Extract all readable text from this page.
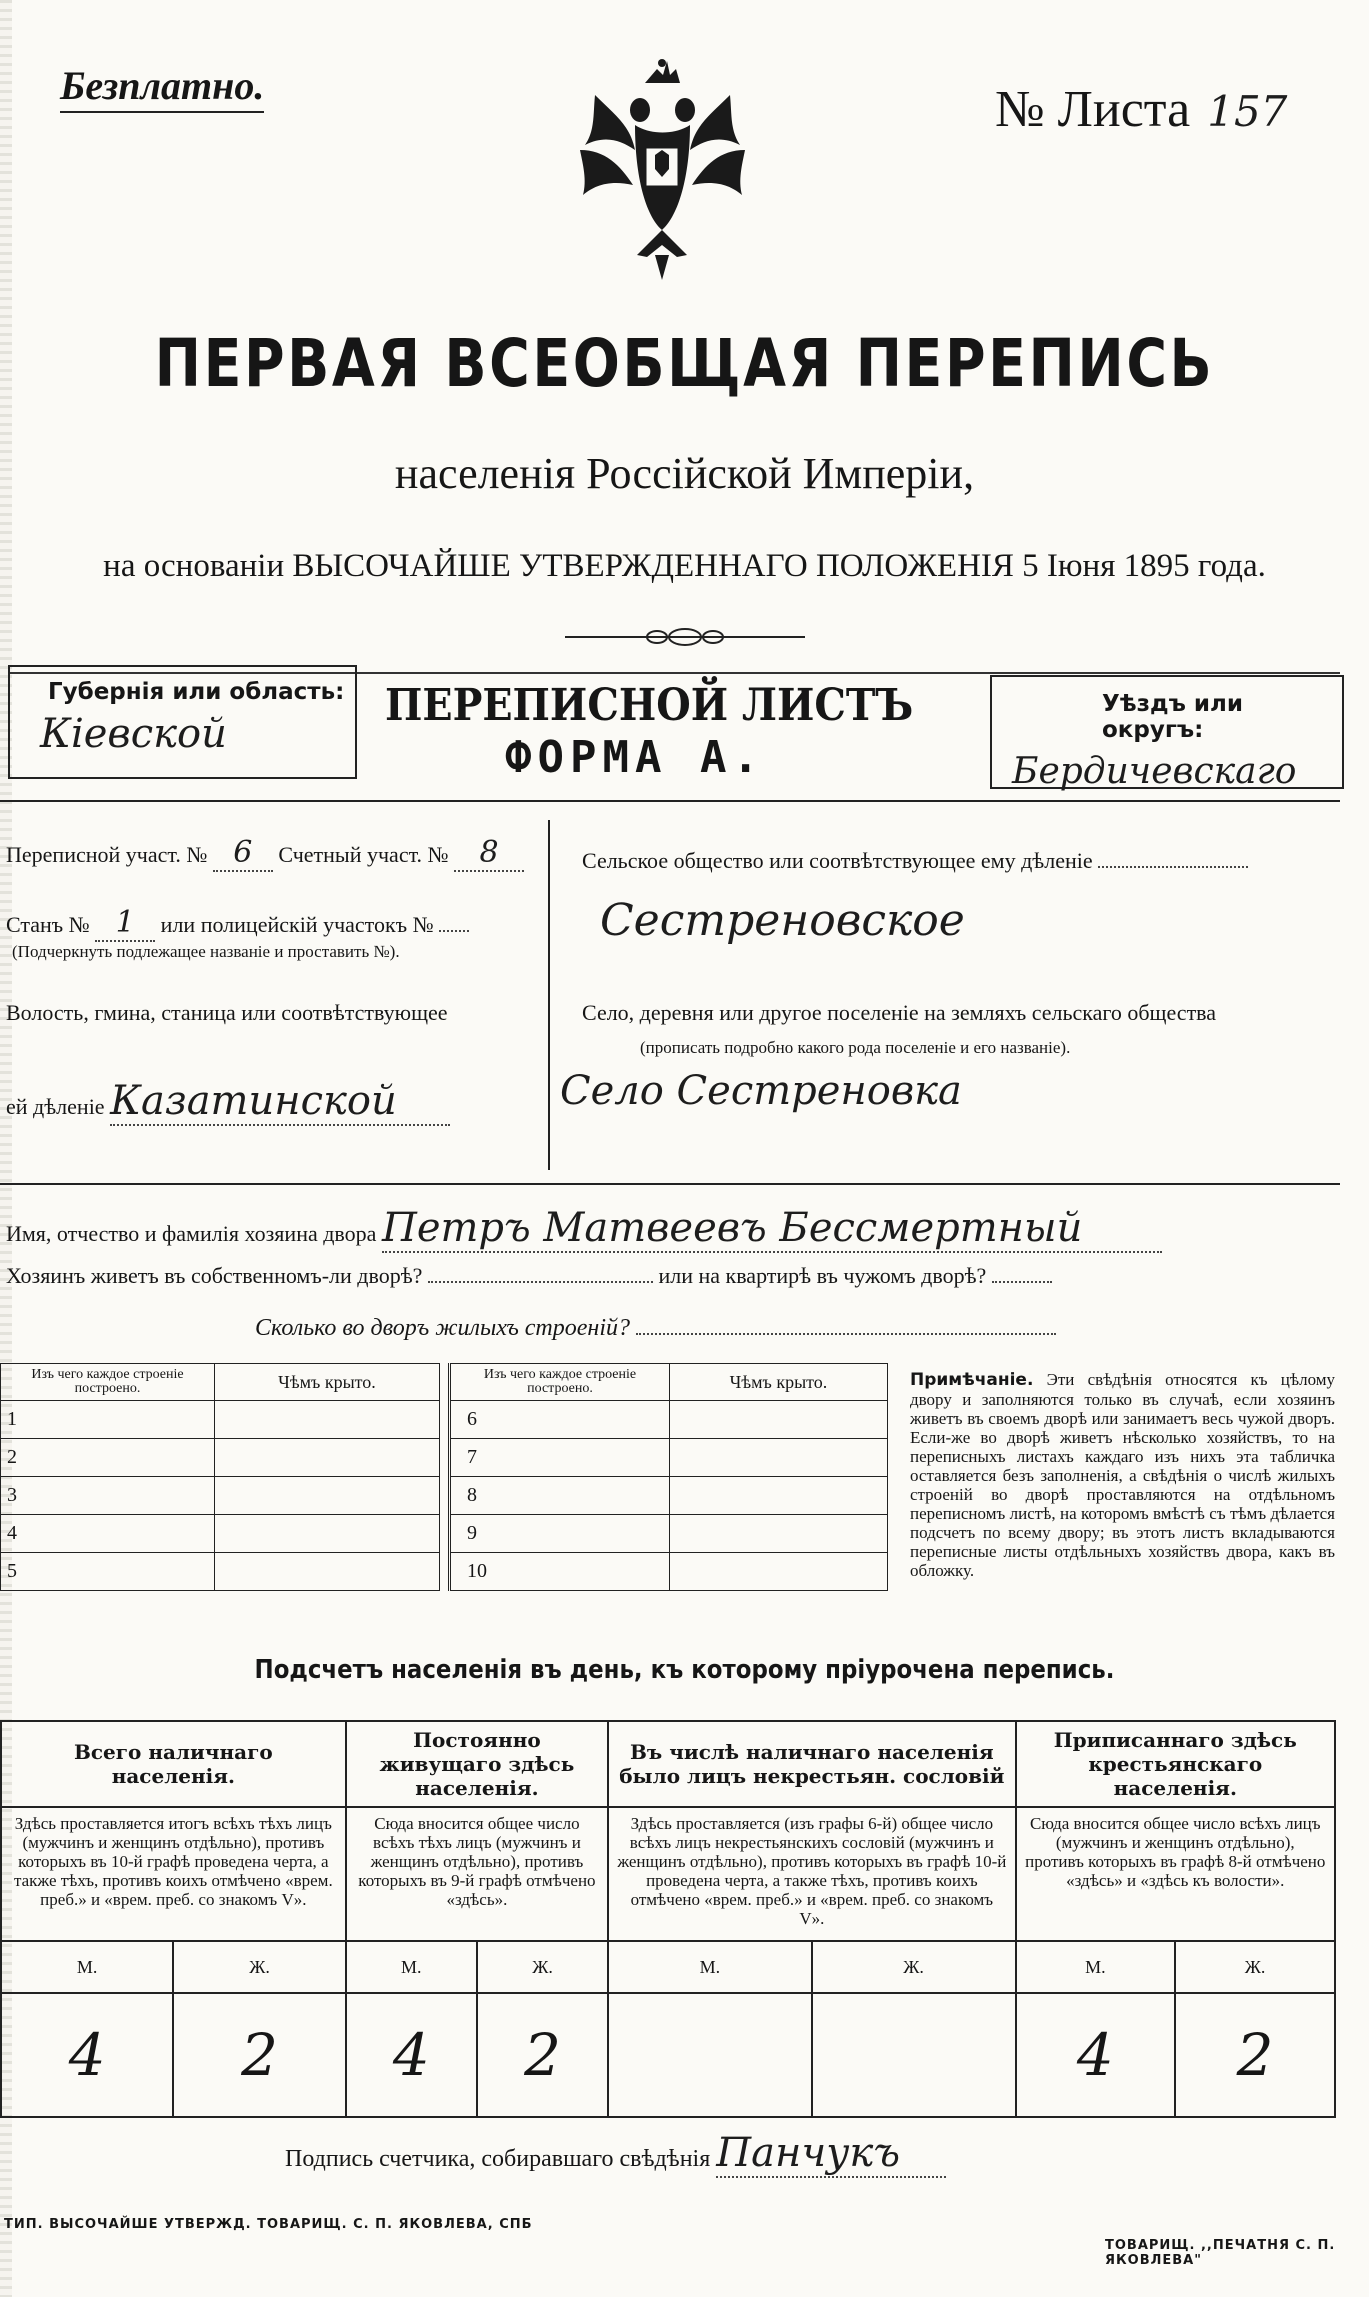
Безплатно.	№ Листа 157
ПЕРВАЯ ВСЕОБЩАЯ ПЕРЕПИСЬ
населенія Россійской Имперіи,
на основаніи ВЫСОЧАЙШЕ УТВЕРЖДЕННАГО ПОЛОЖЕНІЯ 5 Іюня 1895 года.
Губернія или область:
Кіевской
ПЕРЕПИСНОЙ ЛИСТЪ
ФОРМА А.
Уѣздъ или округъ:
Бердичевскаго
Переписной участ. № 6 Счетный участ. № 8
Станъ № 1 или полицейскій участокъ №
(Подчеркнуть подлежащее названіе и проставить №).
Волость, гмина, станица или соотвѣтствующее
ей дѣленіе Казатинской
Сельское общество или соотвѣтствующее ему дѣленіе
Сестреновское
Село, деревня или другое поселеніе на земляхъ сельскаго общества
(прописать подробно какого рода поселеніе и его названіе).
Село Сестреновка
Имя, отчество и фамилія хозяина двора Петръ Матвеевъ Бессмертный
Хозяинъ живетъ въ собственномъ-ли дворѣ?	или на квартирѣ въ чужомъ дворѣ?
Сколько во дворъ жилыхъ строеній?
Изъ чего каждое строеніе построено.	Чѣмъ крыто.
1	
2	
3	
4	
5	
Изъ чего каждое строеніе построено.	Чѣмъ крыто.
6	
7	
8	
9	
10	
Примѣчаніе. Эти свѣдѣнія относятся къ цѣлому двору и заполняются только въ случаѣ, если хозяинъ живетъ въ своемъ дворѣ или занимаетъ весь чужой дворъ. Если-же во дворѣ живетъ нѣсколько хозяйствъ, то на переписныхъ листахъ каждаго изъ нихъ эта табличка оставляется безъ заполненія, а свѣдѣнія о числѣ жилыхъ строеній во дворѣ проставляются на отдѣльномъ переписномъ листѣ, на которомъ вмѣстѣ съ тѣмъ дѣлается подсчетъ по всему двору; въ этотъ листъ вкладываются переписные листы отдѣльныхъ хозяйствъ двора, какъ въ обложку.
Подсчетъ населенія въ день, къ которому пріурочена перепись.
Всего наличнаго населенія.		Постоянно живущаго здѣсь населенія.		Въ числѣ наличнаго населенія было лицъ некрестьян. сословій		Приписаннаго здѣсь крестьянскаго населенія.	
Здѣсь проставляется итогъ всѣхъ тѣхъ лицъ (мужчинъ и женщинъ отдѣльно), противъ которыхъ въ 10-й графѣ проведена черта, а также тѣхъ, противъ коихъ отмѣчено «врем. преб.» и «врем. преб. со знакомъ V».		Сюда вносится общее число всѣхъ тѣхъ лицъ (мужчинъ и женщинъ отдѣльно), противъ которыхъ въ 9-й графѣ отмѣчено «здѣсь».		Здѣсь проставляется (изъ графы 6-й) общее число всѣхъ лицъ некрестьянскихъ сословій (мужчинъ и женщинъ отдѣльно), противъ которыхъ въ графѣ 10-й проведена черта, а также тѣхъ, противъ коихъ отмѣчено «врем. преб.» и «врем. преб. со знакомъ V».		Сюда вносится общее число всѣхъ лицъ (мужчинъ и женщинъ отдѣльно), противъ которыхъ въ графѣ 8-й отмѣчено «здѣсь» и «здѣсь къ волости».	
М.	Ж.	М.	Ж.	М.	Ж.	М.	Ж.
4	2	4	2			4	2
Подпись счетчика, собиравшаго свѣдѣнія Панчукъ
ТИП. ВЫСОЧАЙШЕ УТВЕРЖД. ТОВАРИЩ. С. П. ЯКОВЛЕВА, СПБ
ТОВАРИЩ. ,,ПЕЧАТНЯ С. П. ЯКОВЛЕВА"
